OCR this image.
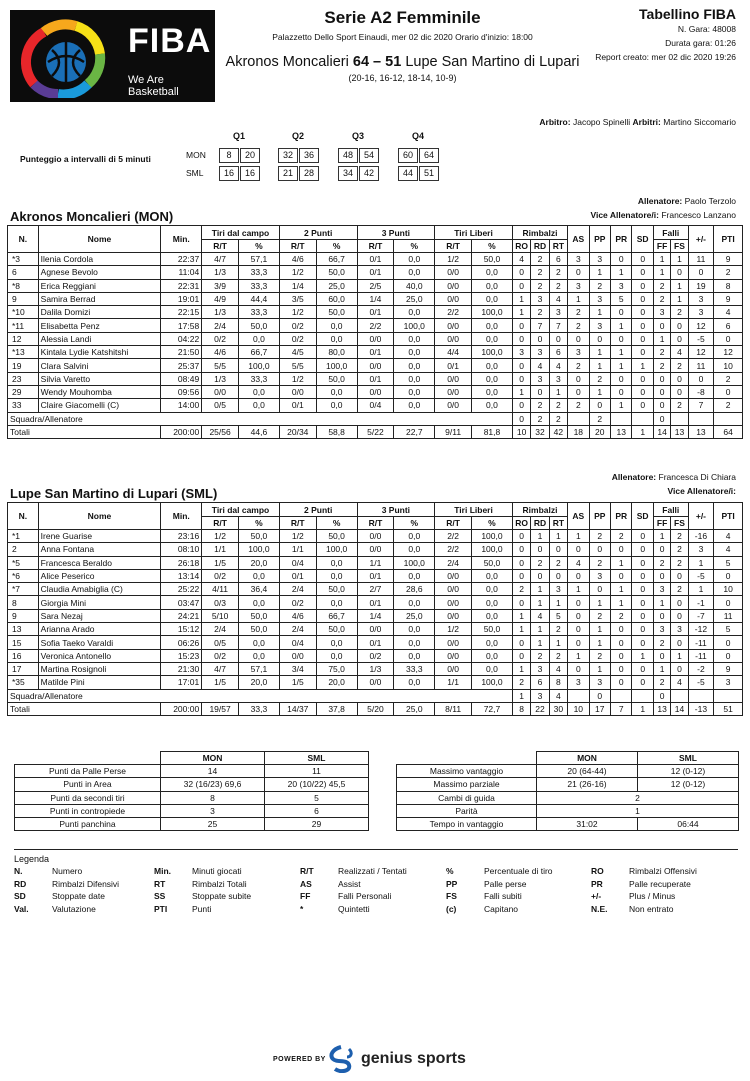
FIBA
We Are Basketball
Serie A2 Femminile
Palazzetto Dello Sport Einaudi, mer 02 dic 2020 Orario d'inizio: 18:00
Akronos Moncalieri 64 – 51 Lupe San Martino di Lupari
(20-16, 16-12, 18-14, 10-9)
Tabellino FIBA
N. Gara: 48008
Durata gara: 01:26
Report creato: mer 02 dic 2020 19:26
Arbitro: Jacopo Spinelli Arbitri: Martino Siccomario
Punteggio a intervalli di 5 minuti
Q1	Q2	Q3	Q4
MON	8	20	32	36	48	54	60	64
SML	16	16	21	28	34	42	44	51
Allenatore: Paolo Terzolo
Vice Allenatore/i: Francesco Lanzano
Akronos Moncalieri (MON)
N.	Nome	Min.	Tiri dal campo		2 Punti		3 Punti		Tiri Liberi		Rimbalzi			AS	PP	PR	SD	Falli		+/-	PTI
			R/T	%	R/T	%	R/T	%	R/T	%	RO	RD	RT					FF	FS		
*3	Ilenia Cordola	22:37	4/7	57,1	4/6	66,7	0/1	0,0	1/2	50,0	4	2	6	3	3	0	0	1	1	11	9
6	Agnese Bevolo	11:04	1/3	33,3	1/2	50,0	0/1	0,0	0/0	0,0	0	2	2	0	1	1	0	1	0	0	2
*8	Erica Reggiani	22:31	3/9	33,3	1/4	25,0	2/5	40,0	0/0	0,0	0	2	2	3	2	3	0	2	1	19	8
9	Samira Berrad	19:01	4/9	44,4	3/5	60,0	1/4	25,0	0/0	0,0	1	3	4	1	3	5	0	2	1	3	9
*10	Dalila Domizi	22:15	1/3	33,3	1/2	50,0	0/1	0,0	2/2	100,0	1	2	3	2	1	0	0	3	2	3	4
*11	Elisabetta Penz	17:58	2/4	50,0	0/2	0,0	2/2	100,0	0/0	0,0	0	7	7	2	3	1	0	0	0	12	6
12	Alessia Landi	04:22	0/2	0,0	0/2	0,0	0/0	0,0	0/0	0,0	0	0	0	0	0	0	0	1	0	-5	0
*13	Kintala Lydie Katshitshi	21:50	4/6	66,7	4/5	80,0	0/1	0,0	4/4	100,0	3	3	6	3	1	1	0	2	4	12	12
19	Clara Salvini	25:37	5/5	100,0	5/5	100,0	0/0	0,0	0/1	0,0	0	4	4	2	1	1	1	2	2	11	10
23	Silvia Varetto	08:49	1/3	33,3	1/2	50,0	0/1	0,0	0/0	0,0	0	3	3	0	2	0	0	0	0	0	2
29	Wendy Mouhomba	09:56	0/0	0,0	0/0	0,0	0/0	0,0	0/0	0,0	1	0	1	0	1	0	0	0	0	-8	0
33	Claire Giacomelli (C)	14:00	0/5	0,0	0/1	0,0	0/4	0,0	0/0	0,0	0	2	2	2	0	1	0	0	2	7	2
Squadra/Allenatore											0	2	2		2			0			
Totali		200:00	25/56	44,6	20/34	58,8	5/22	22,7	9/11	81,8	10	32	42	18	20	13	1	14	13	13	64
Allenatore: Francesca Di Chiara
Vice Allenatore/i:
Lupe San Martino di Lupari (SML)
N.	Nome	Min.	Tiri dal campo		2 Punti		3 Punti		Tiri Liberi		Rimbalzi			AS	PP	PR	SD	Falli		+/-	PTI
			R/T	%	R/T	%	R/T	%	R/T	%	RO	RD	RT					FF	FS		
*1	Irene Guarise	23:16	1/2	50,0	1/2	50,0	0/0	0,0	2/2	100,0	0	1	1	1	2	2	0	1	2	-16	4
2	Anna Fontana	08:10	1/1	100,0	1/1	100,0	0/0	0,0	2/2	100,0	0	0	0	0	0	0	0	0	2	3	4
*5	Francesca Beraldo	26:18	1/5	20,0	0/4	0,0	1/1	100,0	2/4	50,0	0	2	2	4	2	1	0	2	2	1	5
*6	Alice Peserico	13:14	0/2	0,0	0/1	0,0	0/1	0,0	0/0	0,0	0	0	0	0	3	0	0	0	0	-5	0
*7	Claudia Amabiglia (C)	25:22	4/11	36,4	2/4	50,0	2/7	28,6	0/0	0,0	2	1	3	1	0	1	0	3	2	1	10
8	Giorgia Mini	03:47	0/3	0,0	0/2	0,0	0/1	0,0	0/0	0,0	0	1	1	0	1	1	0	1	0	-1	0
9	Sara Nezaj	24:21	5/10	50,0	4/6	66,7	1/4	25,0	0/0	0,0	1	4	5	0	2	2	0	0	0	-7	11
13	Arianna Arado	15:12	2/4	50,0	2/4	50,0	0/0	0,0	1/2	50,0	1	1	2	0	1	0	0	3	3	-12	5
15	Sofia Taeko Varaldi	06:26	0/5	0,0	0/4	0,0	0/1	0,0	0/0	0,0	0	1	1	0	1	0	0	2	0	-11	0
16	Veronica Antonello	15:23	0/2	0,0	0/0	0,0	0/2	0,0	0/0	0,0	0	2	2	1	2	0	1	0	1	-11	0
17	Martina Rosignoli	21:30	4/7	57,1	3/4	75,0	1/3	33,3	0/0	0,0	1	3	4	0	1	0	0	1	0	-2	9
*35	Matilde Pini	17:01	1/5	20,0	1/5	20,0	0/0	0,0	1/1	100,0	2	6	8	3	3	0	0	2	4	-5	3
Squadra/Allenatore											1	3	4		0			0			
Totali		200:00	19/57	33,3	14/37	37,8	5/20	25,0	8/11	72,7	8	22	30	10	17	7	1	13	14	-13	51
	MON	SML			MON	SML
Punti da Palle Perse	14	11		Massimo vantaggio	20 (64-44)	12 (0-12)
Punti in Area	32 (16/23) 69,6	20 (10/22) 45,5		Massimo parziale	21 (26-16)	12 (0-12)
Punti da secondi tiri	8	5		Cambi di guida	2	
Punti in contropiede	3	6		Parità	1	
Punti panchina	25	29		Tempo in vantaggio	31:02	06:44
Legenda
N.	Numero	Min. Minuti giocati	R/T	Realizzati / Tentati	%	Percentuale di tiro	RO	Rimbalzi Offensivi
RD	Rimbalzi Difensivi	RT	Rimbalzi Totali	AS	Assist	PP	Palle perse	PR	Palle recuperate
SD	Stoppate date	SS	Stoppate subite	FF	Falli Personali	FS	Falli subiti	+/-	Plus / Minus
Val.	Valutazione	PTI	Punti	*	Quintetti	(c)	Capitano	N.E.	Non entrato
POWERED BY genius sports
